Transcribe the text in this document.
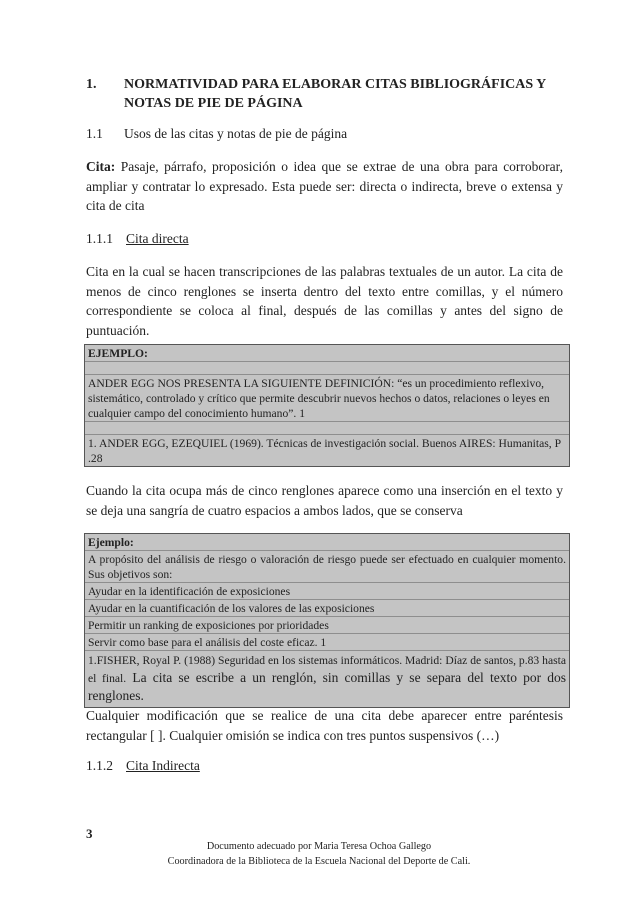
1. NORMATIVIDAD PARA ELABORAR CITAS BIBLIOGRÁFICAS Y NOTAS DE PIE DE PÁGINA
1.1 Usos de las citas y notas de pie de página
Cita: Pasaje, párrafo, proposición o idea que se extrae de una obra para corroborar, ampliar y contratar lo expresado. Esta puede ser: directa o indirecta, breve o extensa y cita de cita
1.1.1 Cita directa
Cita en la cual se hacen transcripciones de las palabras textuales de un autor. La cita de menos de cinco renglones se inserta dentro del texto entre comillas, y el número correspondiente se coloca al final, después de las comillas y antes del signo de puntuación.
EJEMPLO:
ANDER EGG NOS PRESENTA LA SIGUIENTE DEFINICIÓN: “es un procedimiento reflexivo, sistemático, controlado y crítico que permite descubrir nuevos hechos o datos, relaciones o leyes en cualquier campo del conocimiento humano”. 1
1. ANDER EGG, EZEQUIEL (1969). Técnicas de investigación social. Buenos AIRES: Humanitas, P .28
Cuando la cita ocupa más de cinco renglones aparece como una inserción en el texto y se deja una sangría de cuatro espacios a ambos lados, que se conserva
Ejemplo:
A propósito del análisis de riesgo o valoración de riesgo puede ser efectuado en cualquier momento. Sus objetivos son:
Ayudar en la identificación de exposiciones
Ayudar en la cuantificación de los valores de las exposiciones
Permitir un ranking de exposiciones por prioridades
Servir como base para el análisis del coste eficaz. 1
1.FISHER, Royal P. (1988) Seguridad en los sistemas informáticos. Madrid: Díaz de santos, p.83 hasta el final. La cita se escribe a un renglón, sin comillas y se separa del texto por dos renglones.
Cualquier modificación que se realice de una cita debe aparecer entre paréntesis rectangular [ ]. Cualquier omisión se indica con tres puntos suspensivos (…)
1.1.2 Cita Indirecta
3
Documento adecuado por Maria Teresa Ochoa Gallego
Coordinadora de la Biblioteca de la Escuela Nacional del Deporte de Cali.
